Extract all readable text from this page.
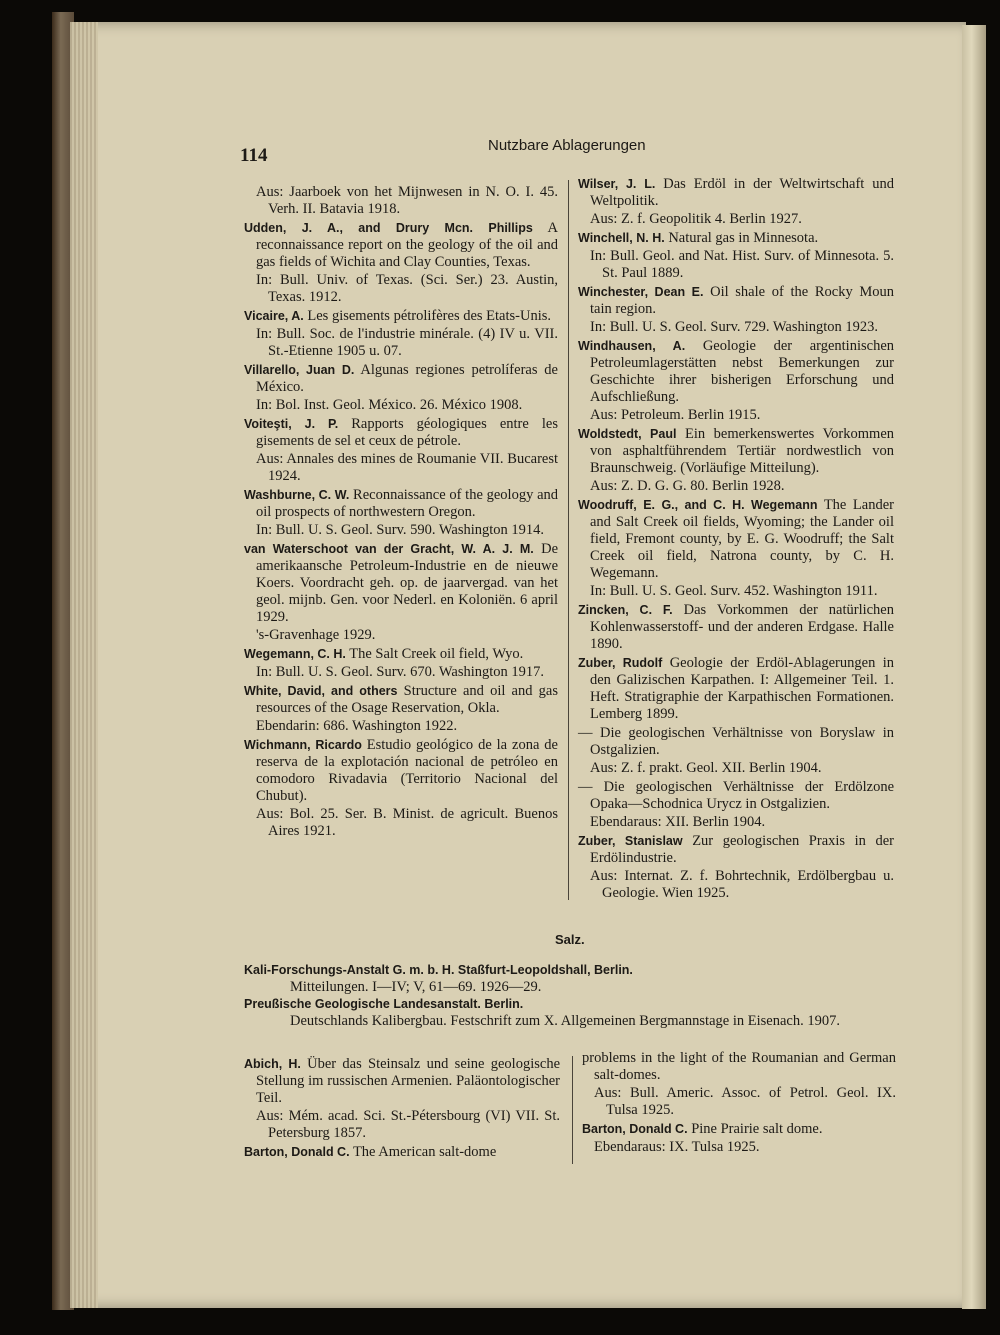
114	Nutzbare Ablagerungen

Aus: Jaarboek von het Mijnwesen in N. O. I. 45. Verh. II. Batavia 1918.

Udden, J. A., and Drury Mcn. Phillips A reconnaissance report on the geology of the oil and gas fields of Wichita and Clay Counties, Texas.

In: Bull. Univ. of Texas. (Sci. Ser.) 23. Austin, Texas. 1912.

Vicaire, A. Les gisements pétrolifères des Etats-Unis.

In: Bull. Soc. de l'industrie minérale. (4) IV u. VII. St.-Etienne 1905 u. 07.

Villarello, Juan D. Algunas regiones petrolíferas de México.

In: Bol. Inst. Geol. México. 26. México 1908.

Voiteşti, J. P. Rapports géologiques entre les gisements de sel et ceux de pétrole.

Aus: Annales des mines de Roumanie VII. Bucarest 1924.

Washburne, C. W. Reconnaissance of the geology and oil prospects of northwestern Oregon.

In: Bull. U. S. Geol. Surv. 590. Washington 1914.

van Waterschoot van der Gracht, W. A. J. M. De amerikaansche Petroleum-Industrie en de nieuwe Koers. Voordracht geh. op. de jaarvergad. van het geol. mijnb. Gen. voor Nederl. en Koloniën. 6 april 1929.

's-Gravenhage 1929.

Wegemann, C. H. The Salt Creek oil field, Wyo.

In: Bull. U. S. Geol. Surv. 670. Washington 1917.

White, David, and others Structure and oil and gas resources of the Osage Reservation, Okla.

Ebendarin: 686. Washington 1922.

Wichmann, Ricardo Estudio geológico de la zona de reserva de la explotación nacional de petróleo en comodoro Rivadavia (Territorio Nacional del Chubut).

Aus: Bol. 25. Ser. B. Minist. de agricult. Buenos Aires 1921.

Wilser, J. L. Das Erdöl in der Weltwirtschaft und Weltpolitik.

Aus: Z. f. Geopolitik 4. Berlin 1927.

Winchell, N. H. Natural gas in Minnesota.

In: Bull. Geol. and Nat. Hist. Surv. of Minnesota. 5. St. Paul 1889.

Winchester, Dean E. Oil shale of the Rocky Moun tain region.

In: Bull. U. S. Geol. Surv. 729. Washington 1923.

Windhausen, A. Geologie der argentinischen Petroleumlagerstätten nebst Bemerkungen zur Geschichte ihrer bisherigen Erforschung und Aufschließung.

Aus: Petroleum. Berlin 1915.

Woldstedt, Paul Ein bemerkenswertes Vorkommen von asphaltführendem Tertiär nordwestlich von Braunschweig. (Vorläufige Mitteilung).

Aus: Z. D. G. G. 80. Berlin 1928.

Woodruff, E. G., and C. H. Wegemann The Lander and Salt Creek oil fields, Wyoming; the Lander oil field, Fremont county, by E. G. Woodruff; the Salt Creek oil field, Natrona county, by C. H. Wegemann.

In: Bull. U. S. Geol. Surv. 452. Washington 1911.

Zincken, C. F. Das Vorkommen der natürlichen Kohlenwasserstoff- und der anderen Erdgase. Halle 1890.

Zuber, Rudolf Geologie der Erdöl-Ablagerungen in den Galizischen Karpathen. I: Allgemeiner Teil. 1. Heft. Stratigraphie der Karpathischen Formationen. Lemberg 1899.

— Die geologischen Verhältnisse von Boryslaw in Ostgalizien.

Aus: Z. f. prakt. Geol. XII. Berlin 1904.

— Die geologischen Verhältnisse der Erdölzone Opaka—Schodnica Urycz in Ostgalizien.

Ebendaraus: XII. Berlin 1904.

Zuber, Stanislaw Zur geologischen Praxis in der Erdölindustrie.

Aus: Internat. Z. f. Bohrtechnik, Erdölbergbau u. Geologie. Wien 1925.

Salz.
Kali-Forschungs-Anstalt G. m. b. H. Staßfurt-Leopoldshall, Berlin.
Mitteilungen. I—IV; V, 61—69. 1926—29.
Preußische Geologische Landesanstalt. Berlin.
Deutschlands Kalibergbau. Festschrift zum X. Allgemeinen Bergmannstage in Eisenach. 1907.

Abich, H. Über das Steinsalz und seine geologische Stellung im russischen Armenien. Paläontologischer Teil.

Aus: Mém. acad. Sci. St.-Pétersbourg (VI) VII. St. Petersburg 1857.

Barton, Donald C. The American salt-dome

problems in the light of the Roumanian and German salt-domes.

Aus: Bull. Americ. Assoc. of Petrol. Geol. IX. Tulsa 1925.

Barton, Donald C. Pine Prairie salt dome.

Ebendaraus: IX. Tulsa 1925.
